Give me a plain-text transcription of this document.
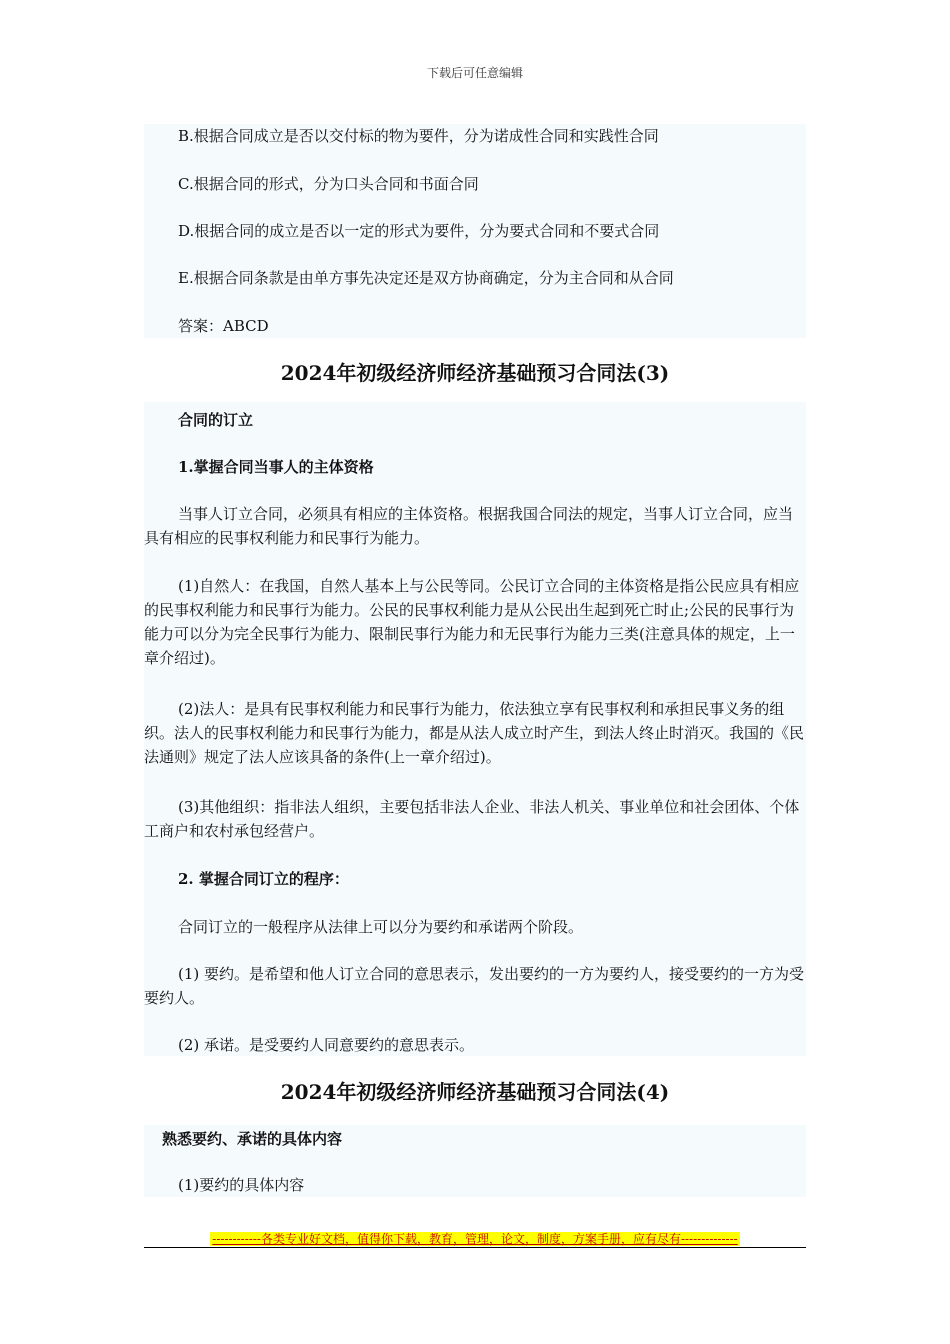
下载后可任意编辑

B.根据合同成立是否以交付标的物为要件，分为诺成性合同和实践性合同

C.根据合同的形式，分为口头合同和书面合同

D.根据合同的成立是否以一定的形式为要件，分为要式合同和不要式合同

E.根据合同条款是由单方事先决定还是双方协商确定，分为主合同和从合同

答案：ABCD

2024年初级经济师经济基础预习合同法(3)

合同的订立

1.掌握合同当事人的主体资格

当事人订立合同，必须具有相应的主体资格。根据我国合同法的规定，当事人订立合同，应当具有相应的民事权利能力和民事行为能力。

(1)自然人：在我国，自然人基本上与公民等同。公民订立合同的主体资格是指公民应具有相应的民事权利能力和民事行为能力。公民的民事权利能力是从公民出生起到死亡时止;公民的民事行为能力可以分为完全民事行为能力、限制民事行为能力和无民事行为能力三类(注意具体的规定，上一章介绍过)。

(2)法人：是具有民事权利能力和民事行为能力，依法独立享有民事权利和承担民事义务的组织。法人的民事权利能力和民事行为能力，都是从法人成立时产生，到法人终止时消灭。我国的《民法通则》规定了法人应该具备的条件(上一章介绍过)。

(3)其他组织：指非法人组织，主要包括非法人企业、非法人机关、事业单位和社会团体、个体工商户和农村承包经营户。

2. 掌握合同订立的程序：

合同订立的一般程序从法律上可以分为要约和承诺两个阶段。

(1) 要约。是希望和他人订立合同的意思表示，发出要约的一方为要约人，接受要约的一方为受要约人。

(2) 承诺。是受要约人同意要约的意思表示。

2024年初级经济师经济基础预习合同法(4)

熟悉要约、承诺的具体内容

(1)要约的具体内容

------------各类专业好文档，值得你下载，教育，管理，论文，制度，方案手册，应有尽有--------------
